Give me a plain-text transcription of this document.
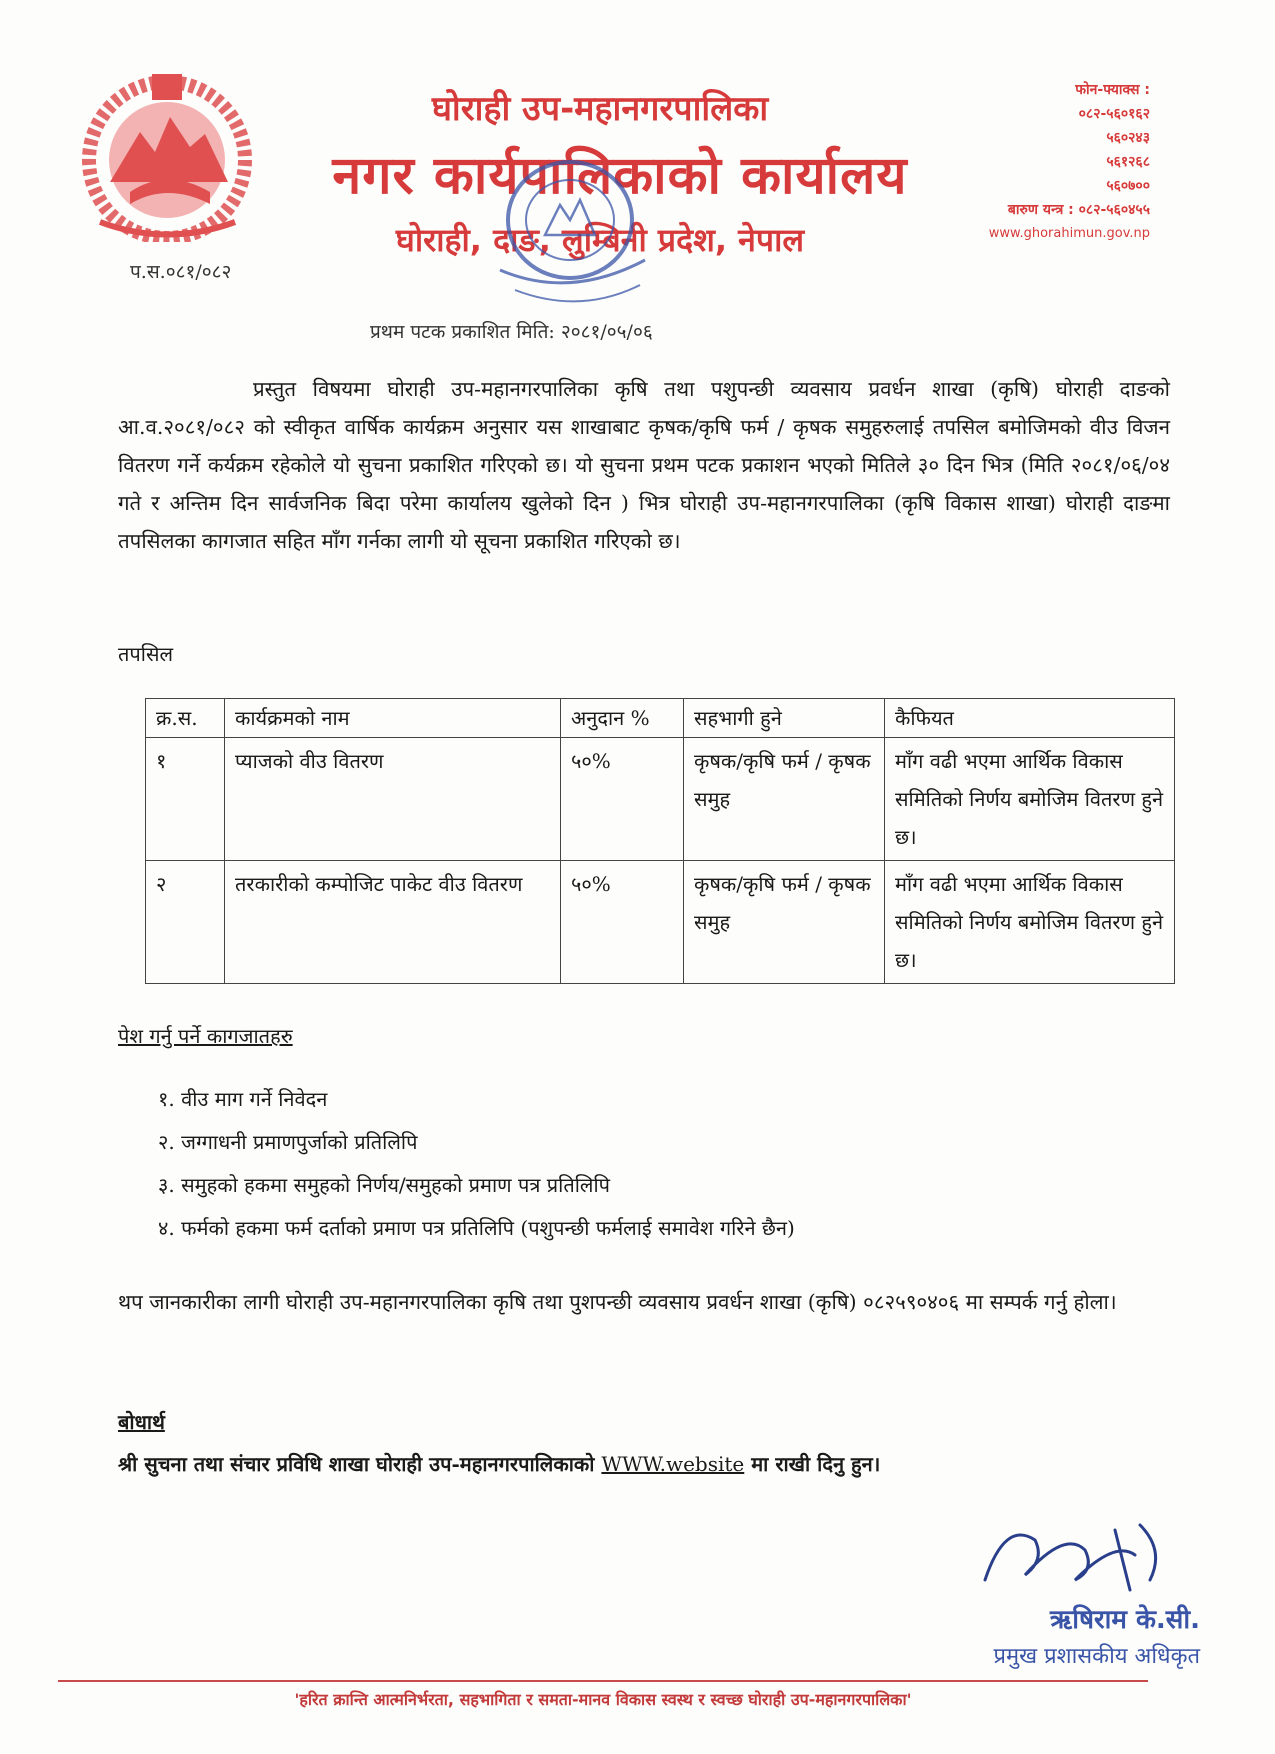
घोराही उप-महानगरपालिका
नगर कार्यपालिकाको कार्यालय
घोराही, दाङ, लुम्बिनी प्रदेश, नेपाल
फोन-फ्याक्स :
०८२-५६०१६२
५६०२४३
५६१२६८
५६०७००
बारुण यन्त्र : ०८२-५६०४५५
www.ghorahimun.gov.np
प.स.०८१/०८२
प्रथम पटक प्रकाशित मिति: २०८१/०५/०६

प्रस्तुत विषयमा घोराही उप-महानगरपालिका कृषि तथा पशुपन्छी व्यवसाय प्रवर्धन शाखा (कृषि) घोराही दाङको आ.व.२०८१/०८२ को स्वीकृत वार्षिक कार्यक्रम अनुसार यस शाखाबाट कृषक/कृषि फर्म / कृषक समुहरुलाई तपसिल बमोजिमको वीउ विजन वितरण गर्ने कर्यक्रम रहेकोले यो सुचना प्रकाशित गरिएको छ। यो सुचना प्रथम पटक प्रकाशन भएको मितिले ३० दिन भित्र (मिति २०८१/०६/०४ गते र अन्तिम दिन सार्वजनिक बिदा परेमा कार्यालय खुलेको दिन ) भित्र घोराही उप-महानगरपालिका (कृषि विकास शाखा) घोराही दाङमा तपसिलका कागजात सहित माँग गर्नका लागी यो सूचना प्रकाशित गरिएको छ।

तपसिल
क्र.स.	कार्यक्रमको नाम	अनुदान %	सहभागी हुने	कैफियत
१	प्याजको वीउ वितरण	५०%	कृषक/कृषि फर्म / कृषक समुह	माँग वढी भएमा आर्थिक विकास समितिको निर्णय बमोजिम वितरण हुने छ।
२	तरकारीको कम्पोजिट पाकेट वीउ वितरण	५०%	कृषक/कृषि फर्म / कृषक समुह	माँग वढी भएमा आर्थिक विकास समितिको निर्णय बमोजिम वितरण हुने छ।
पेश गर्नु पर्ने कागजातहरु
१. वीउ माग गर्ने निवेदन
२. जग्गाधनी प्रमाणपुर्जाको प्रतिलिपि
३. समुहको हकमा समुहको निर्णय/समुहको प्रमाण पत्र प्रतिलिपि
४. फर्मको हकमा फर्म दर्ताको प्रमाण पत्र प्रतिलिपि (पशुपन्छी फर्मलाई समावेश गरिने छैन)
थप जानकारीका लागी घोराही उप-महानगरपालिका कृषि तथा पुशपन्छी व्यवसाय प्रवर्धन शाखा (कृषि) ०८२५९०४०६ मा सम्पर्क गर्नु होला।
बोधार्थ
श्री सुचना तथा संचार प्रविधि शाखा घोराही उप-महानगरपालिकाको WWW.website मा राखी दिनु हुन।
ऋषिराम के.सी.
प्रमुख प्रशासकीय अधिकृत
'हरित क्रान्ति आत्मनिर्भरता, सहभागिता र समता-मानव विकास स्वस्थ र स्वच्छ घोराही उप-महानगरपालिका'
